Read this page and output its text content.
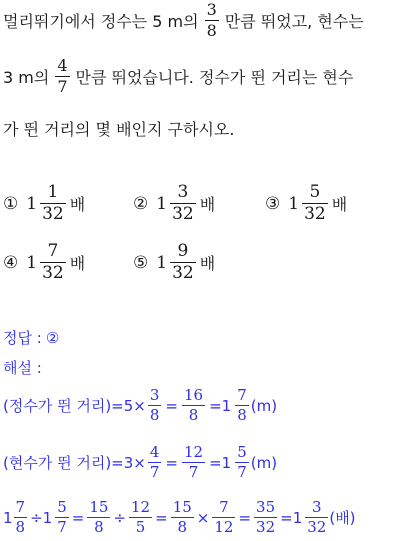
멀리뛰기에서 정수는 5 m의 $\frac{3}{8}$ 만큼 뛰었고, 현수는
3 m의 $\frac{4}{7}$ 만큼 뛰었습니다. 정수가 뛴 거리는 현수
가 뛴 거리의 몇 배인지 구하시오.
① $1 \frac{1}{32}$ 배	② $1 \frac{3}{32}$ 배	③ $1 \frac{5}{32}$ 배
④ $1 \frac{7}{32}$ 배	⑤ $1 \frac{9}{32}$ 배
정답 : ②
해설 :
(정수가 뛴 거리)$=5\times \frac{3}{8} = \frac{16}{8} =1 \frac{7}{8} (m)$
(현수가 뛴 거리)$=3\times \frac{4}{7} = \frac{12}{7} =1 \frac{5}{7} (m)$
$1 \frac{7}{8} \div 1 \frac{5}{7} = \frac{15}{8} \div \frac{12}{5} = \frac{15}{8} \times \frac{7}{12} = \frac{35}{32} =1 \frac{3}{32}$ (배)
